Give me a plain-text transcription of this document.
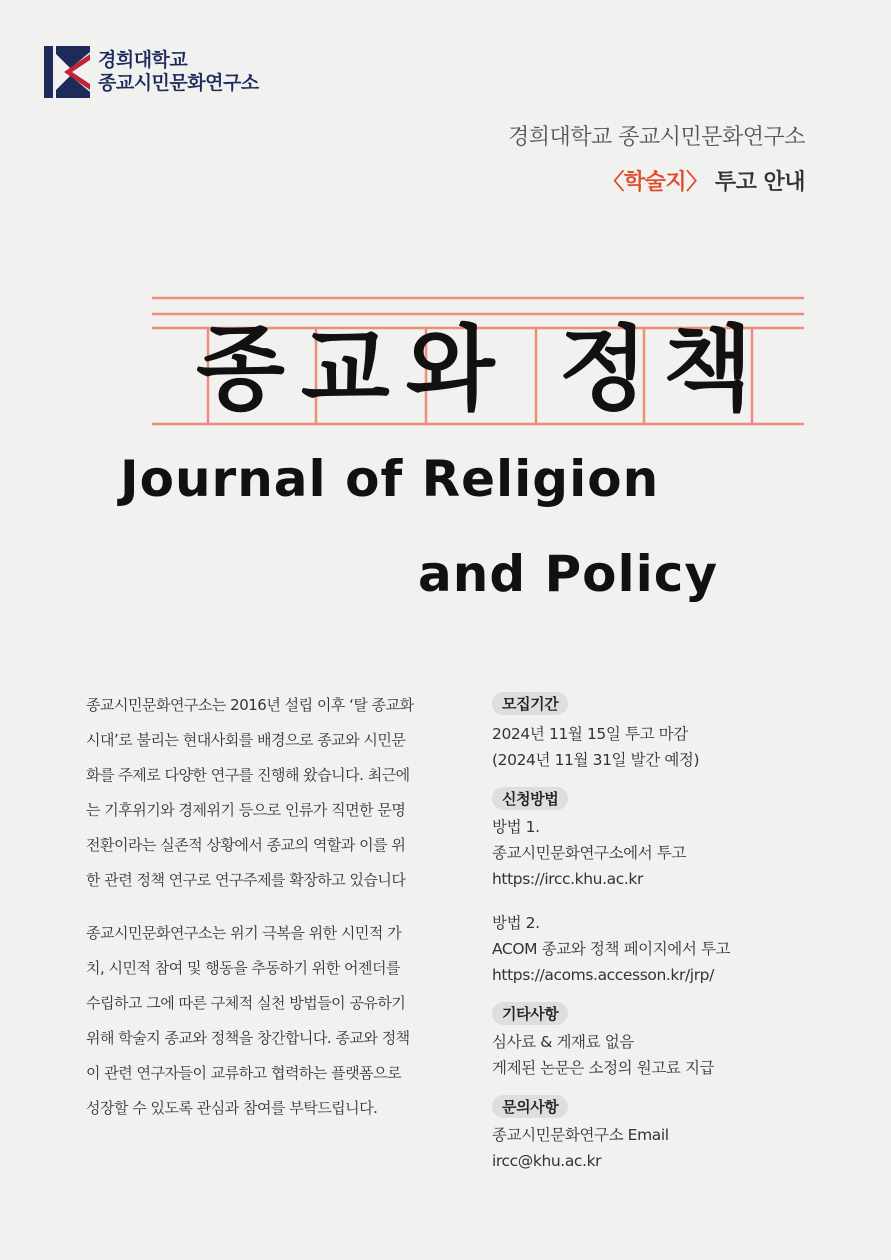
경희대학교
종교시민문화연구소
경희대학교 종교시민문화연구소
〈학술지〉 투고 안내
종교와 정책
Journal of Religion
and Policy

종교시민문화연구소는 2016년 설립 이후 ‘탈 종교화 시대’로 불리는 현대사회를 배경으로 종교와 시민문화를 주제로 다양한 연구를 진행해 왔습니다. 최근에는 기후위기와 경제위기 등으로 인류가 직면한 문명전환이라는 실존적 상황에서 종교의 역할과 이를 위한 관련 정책 연구로 연구주제를 확장하고 있습니다

종교시민문화연구소는 위기 극복을 위한 시민적 가치, 시민적 참여 및 행동을 추동하기 위한 어젠더를 수립하고 그에 따른 구체적 실천 방법들이 공유하기 위해 학술지 종교와 정책을 창간합니다. 종교와 정책이 관련 연구자들이 교류하고 협력하는 플랫폼으로 성장할 수 있도록 관심과 참여를 부탁드립니다.

모집기간
2024년 11월 15일 투고 마감
(2024년 11월 31일 발간 예정)
신청방법
방법 1.
종교시민문화연구소에서 투고
https://ircc.khu.ac.kr
방법 2.
ACOM 종교와 정책 페이지에서 투고
https://acoms.accesson.kr/jrp/
기타사항
심사료 & 게재료 없음
게제된 논문은 소정의 원고료 지급
문의사항
종교시민문화연구소 Email
ircc@khu.ac.kr
